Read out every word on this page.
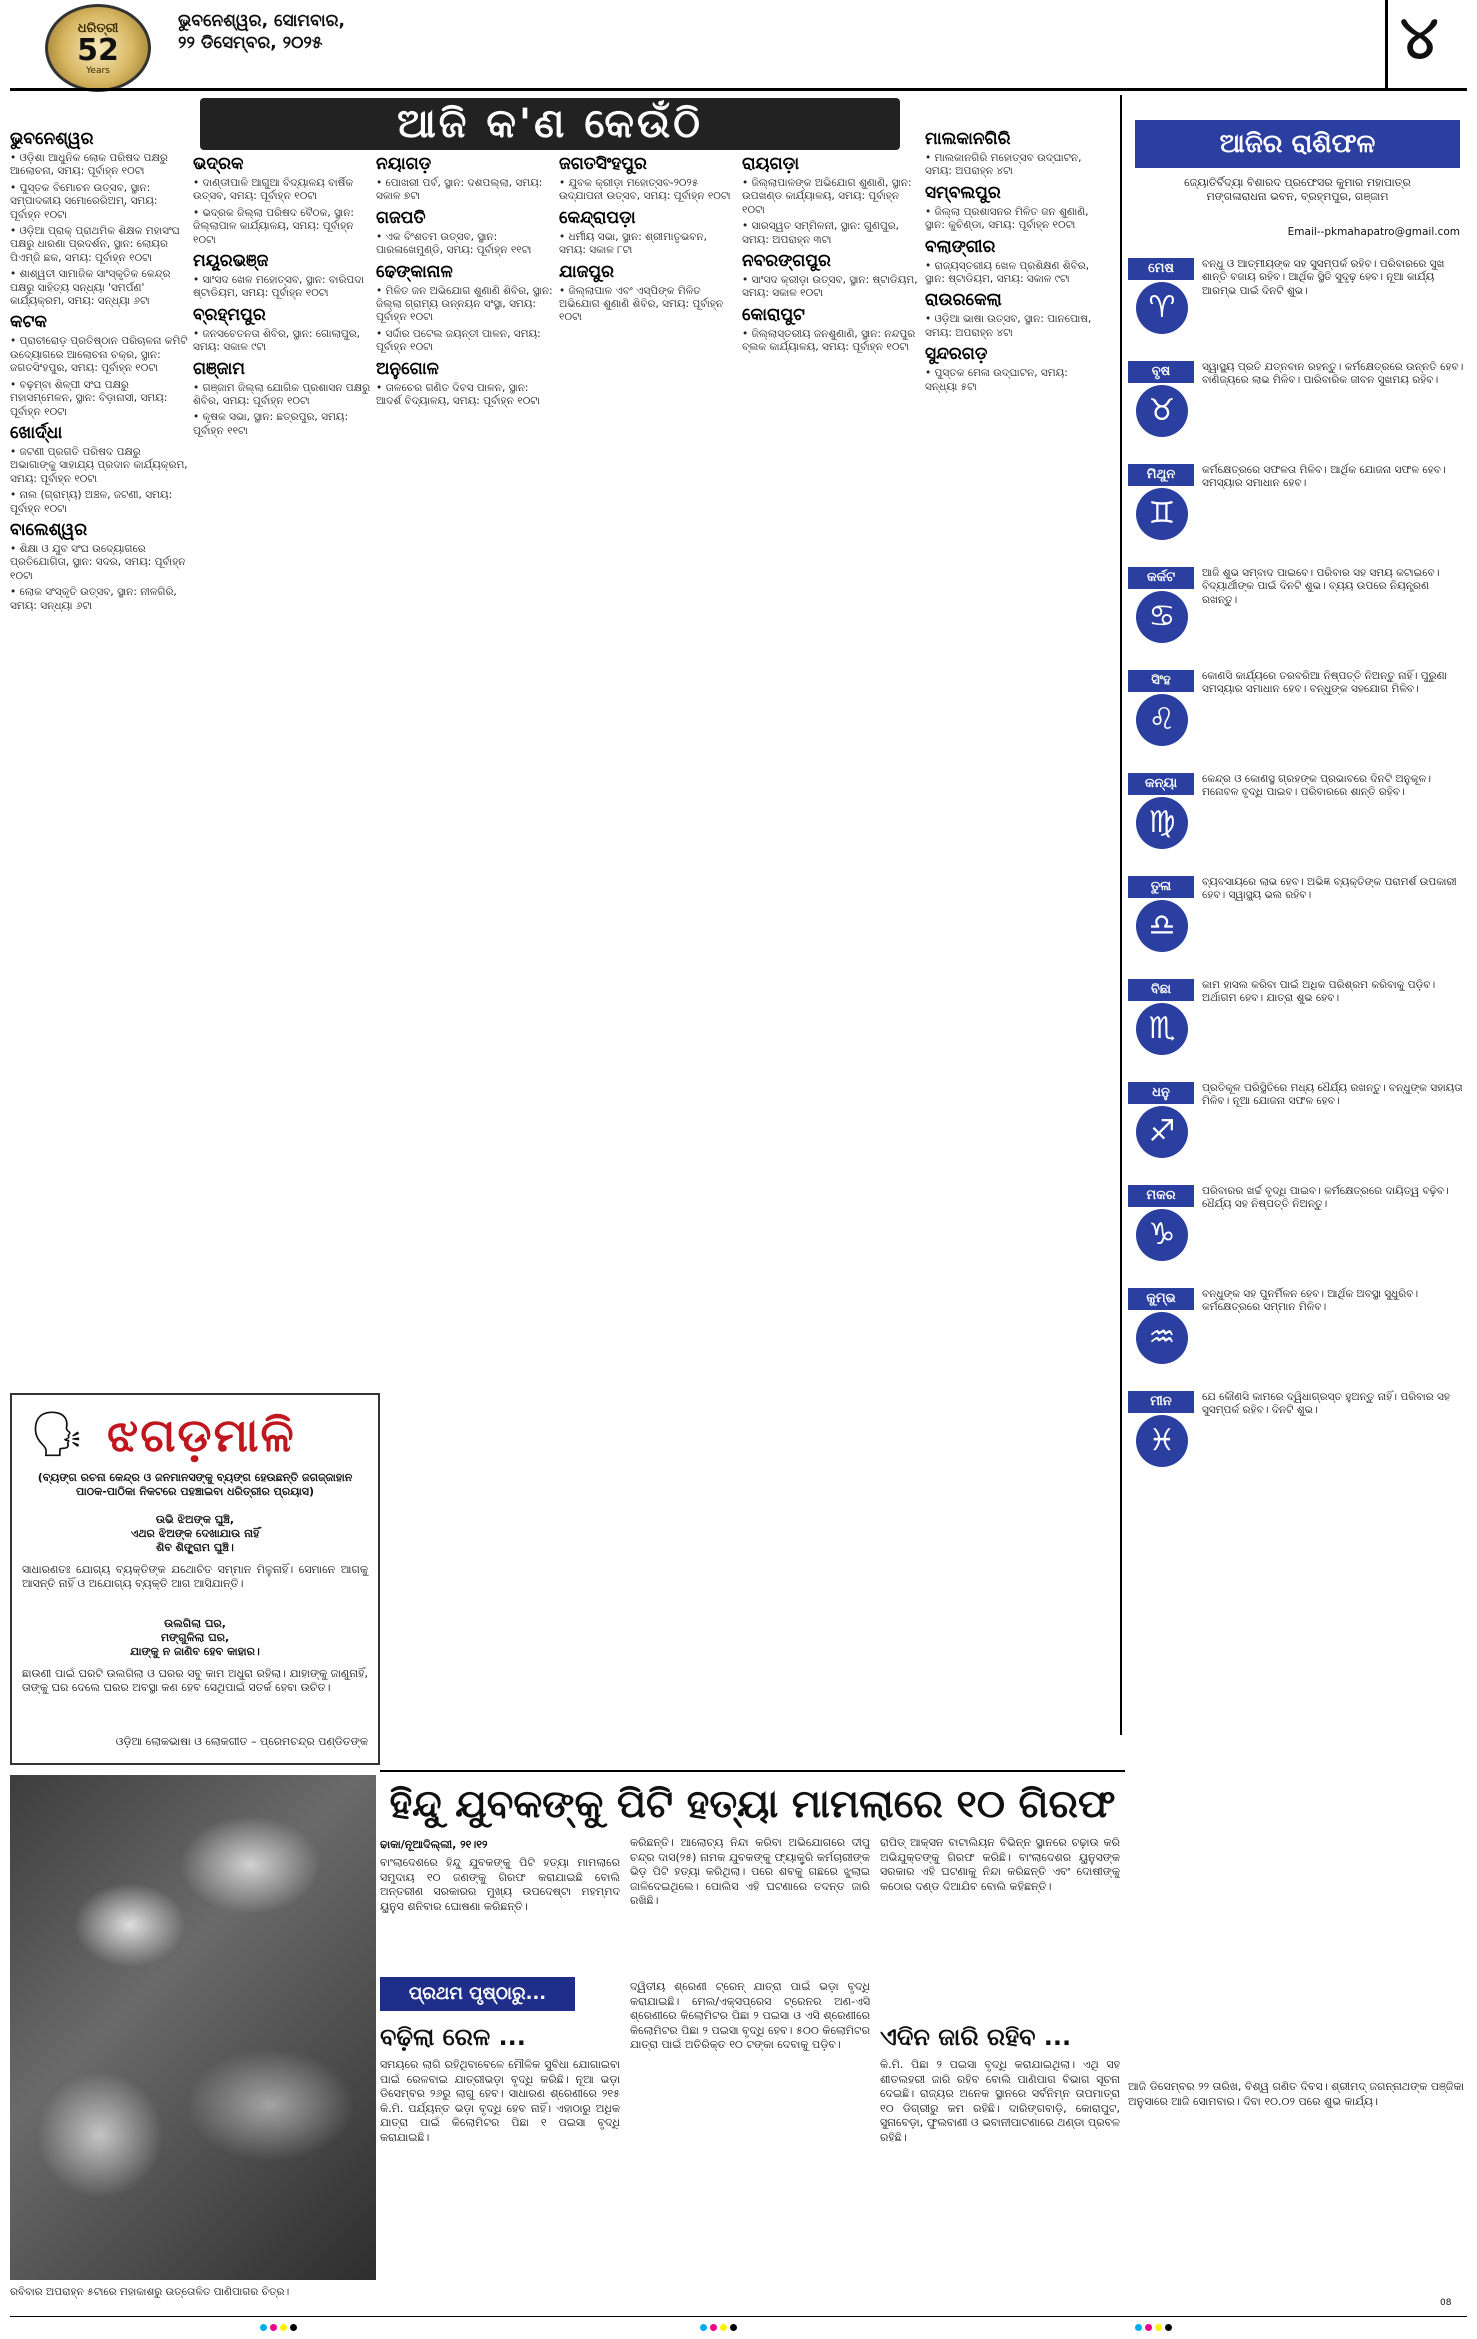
ଧରିତ୍ରୀ
52
Years
ଭୁବନେଶ୍ୱର, ସୋମବାର,
୨୨ ଡିସେମ୍ବର, ୨୦୨୫	୪
ଆଜି କ'ଣ କେଉଁଠି
ଭୁବନେଶ୍ୱର

• ଓଡ଼ିଶା ଆଧୁନିକ ଲୋକ ପରିଷଦ ପକ୍ଷରୁ ଆଲୋଚନା, ସମୟ: ପୂର୍ବାହ୍ନ ୧୦ଟା

• ପୁସ୍ତକ ବିମୋଚନ ଉତ୍ସବ, ସ୍ଥାନ: ସମ୍ପାଦକୀୟ ସମୋରେରିଅମ୍, ସମୟ: ପୂର୍ବାହ୍ନ ୧୦ଟା

• ଓଡ଼ିଆ ପ୍ରାକ୍ ପ୍ରାଥମିକ ଶିକ୍ଷକ ମହାସଂଘ ପକ୍ଷରୁ ଧାରଣା ପ୍ରଦର୍ଶନ, ସ୍ଥାନ: ଲୋୟର ପିଏମ୍‌ଜି ଛକ, ସମୟ: ପୂର୍ବାହ୍ନ ୧୦ଟା

• ଶାଶ୍ୱତୀ ସାମାଜିକ ସାଂସ୍କୃତିକ କେନ୍ଦ୍ର ପକ୍ଷରୁ ସାହିତ୍ୟ ସନ୍ଧ୍ୟା 'ସମର୍ପଣ' କାର୍ଯ୍ୟକ୍ରମ, ସମୟ: ସନ୍ଧ୍ୟା ୬ଟା

କଟକ

• ପ୍ରାଚୀରୋଡ଼ ପ୍ରତିଷ୍ଠାନ ପରିଚାଳନା କମିଟି ଉଦ୍ୟୋଗରେ ଆଲୋଚନା ଚକ୍ର, ସ୍ଥାନ: ଜଗତସିଂହପୁର, ସମୟ: ପୂର୍ବାହ୍ନ ୧୦ଟା

• ବଢ଼ମ୍ବା ଶିଳ୍ପୀ ସଂଘ ପକ୍ଷରୁ ମହାସମ୍ମେଳନ, ସ୍ଥାନ: ବିଡ଼ାନାସୀ, ସମୟ: ପୂର୍ବାହ୍ନ ୧୦ଟା

ଖୋର୍ଦ୍ଧା

• ଜଟଣୀ ପ୍ରଗତି ପରିଷଦ ପକ୍ଷରୁ ଅଭାଗାଙ୍କୁ ସାହାଯ୍ୟ ପ୍ରଦାନ କାର୍ଯ୍ୟକ୍ରମ, ସମୟ: ପୂର୍ବାହ୍ନ ୧୦ଟା

• ନାଲ (ଗ୍ରାମ୍ୟ) ଅଞ୍ଚଳ, ଜଟଣୀ, ସମୟ: ପୂର୍ବାହ୍ନ ୧୦ଟା

ବାଲେଶ୍ୱର

• ଶିକ୍ଷା ଓ ଯୁବ ସଂଘ ଉଦ୍ୟୋଗରେ ପ୍ରତିଯୋଗିତା, ସ୍ଥାନ: ସଦର, ସମୟ: ପୂର୍ବାହ୍ନ ୧୦ଟା

• ଲୋକ ସଂସ୍କୃତି ଉତ୍ସବ, ସ୍ଥାନ: ନୀଳଗିରି, ସମୟ: ସନ୍ଧ୍ୟା ୬ଟା

ଭଦ୍ରକ

• ଦାଣ୍ଡୀପାଳି ଆଗୁଆ ବିଦ୍ୟାଳୟ ବାର୍ଷିକ ଉତ୍ସବ, ସମୟ: ପୂର୍ବାହ୍ନ ୧୦ଟା

• ଭଦ୍ରକ ଜିଲ୍ଲା ପରିଷଦ ବୈଠକ, ସ୍ଥାନ: ଜିଲ୍ଲାପାଳ କାର୍ଯ୍ୟାଳୟ, ସମୟ: ପୂର୍ବାହ୍ନ ୧୦ଟା

ମୟୂରଭଞ୍ଜ

• ସାଂସଦ ଖେଳ ମହୋତ୍ସବ, ସ୍ଥାନ: ବାରିପଦା ଷ୍ଟାଡିୟମ, ସମୟ: ପୂର୍ବାହ୍ନ ୧୦ଟା

ବ୍ରହ୍ମପୁର

• ଜନସଚେତନତା ଶିବିର, ସ୍ଥାନ: ଗୋଲାପୁର, ସମୟ: ସକାଳ ୯ଟା

ଗଞ୍ଜାମ

• ଗଞ୍ଜାମ ଜିଲ୍ଲା ଯୋଗିକ ପ୍ରଶାସନ ପକ୍ଷରୁ ଶିବିର, ସମୟ: ପୂର୍ବାହ୍ନ ୧୦ଟା

• କୃଷକ ସଭା, ସ୍ଥାନ: ଛତ୍ରପୁର, ସମୟ: ପୂର୍ବାହ୍ନ ୧୧ଟା

ନୟାଗଡ଼

• ପୋଖରୀ ପର୍ବ, ସ୍ଥାନ: ଦଶପଲ୍ଲା, ସମୟ: ସକାଳ ୭ଟା

ଗଜପତି

• ଏକ ବିଂଶତମ ଉତ୍ସବ, ସ୍ଥାନ: ପାରଳାଖେମୁଣ୍ଡି, ସମୟ: ପୂର୍ବାହ୍ନ ୧୧ଟା

ଢେଙ୍କାନାଳ

• ମିଳିତ ଜନ ଅଭିଯୋଗ ଶୁଣାଣି ଶିବିର, ସ୍ଥାନ: ଜିଲ୍ଲା ଗ୍ରାମ୍ୟ ଉନ୍ନୟନ ସଂସ୍ଥା, ସମୟ: ପୂର୍ବାହ୍ନ ୧୦ଟା

• ସର୍ଦ୍ଦାର ପଟେଲ ଜୟନ୍ତୀ ପାଳନ, ସମୟ: ପୂର୍ବାହ୍ନ ୧୦ଟା

ଅନୁଗୋଳ

• ତାଳଚେର ଗଣିତ ଦିବସ ପାଳନ, ସ୍ଥାନ: ଆଦର୍ଶ ବିଦ୍ୟାଳୟ, ସମୟ: ପୂର୍ବାହ୍ନ ୧୦ଟା

ଜଗତସିଂହପୁର

• ଯୁବକ କ୍ରୀଡ଼ା ମହୋତ୍ସବ-୨୦୨୫ ଉଦ୍‌ଯାପନୀ ଉତ୍ସବ, ସମୟ: ପୂର୍ବାହ୍ନ ୧୦ଟା

କେନ୍ଦ୍ରାପଡ଼ା

• ଧର୍ମୀୟ ସଭା, ସ୍ଥାନ: ଶ୍ରୀମାତୃଭବନ, ସମୟ: ସକାଳ ୮ଟା

ଯାଜପୁର

• ଜିଲ୍ଲାପାଳ ଏବଂ ଏସ୍‌ପିଙ୍କ ମିଳିତ ଅଭିଯୋଗ ଶୁଣାଣି ଶିବିର, ସମୟ: ପୂର୍ବାହ୍ନ ୧୦ଟା

ରାୟଗଡ଼ା

• ଜିଲ୍ଲାପାଳଙ୍କ ଅଭିଯୋଗ ଶୁଣାଣି, ସ୍ଥାନ: ଉପଖଣ୍ଡ କାର୍ଯ୍ୟାଳୟ, ସମୟ: ପୂର୍ବାହ୍ନ ୧୦ଟା

• ସାରସ୍ୱତ ସମ୍ମିଳନୀ, ସ୍ଥାନ: ଗୁଣପୁର, ସମୟ: ଅପରାହ୍ନ ୩ଟା

ନବରଙ୍ଗପୁର

• ସାଂସଦ କ୍ରୀଡ଼ା ଉତ୍ସବ, ସ୍ଥାନ: ଷ୍ଟାଡିୟମ, ସମୟ: ସକାଳ ୧୦ଟା

କୋରାପୁଟ

• ଜିଲ୍ଲାସ୍ତରୀୟ ଜନଶୁଣାଣି, ସ୍ଥାନ: ନନ୍ଦପୁର ବ୍ଲକ କାର୍ଯ୍ୟାଳୟ, ସମୟ: ପୂର୍ବାହ୍ନ ୧୦ଟା

ମାଲକାନଗିରି

• ମାଲକାନଗିରି ମହୋତ୍ସବ ଉଦ୍‌ଘାଟନ, ସମୟ: ଅପରାହ୍ନ ୪ଟା

ସମ୍ବଲପୁର

• ଜିଲ୍ଲା ପ୍ରଶାସନର ମିଳିତ ଜନ ଶୁଣାଣି, ସ୍ଥାନ: କୁଚିଣ୍ଡା, ସମୟ: ପୂର୍ବାହ୍ନ ୧୦ଟା

ବଲାଙ୍ଗୀର

• ରାଜ୍ୟସ୍ତରୀୟ ଖେଳ ପ୍ରଶିକ୍ଷଣ ଶିବିର, ସ୍ଥାନ: ଷ୍ଟାଡିୟମ, ସମୟ: ସକାଳ ୯ଟା

ରାଉରକେଲା

• ଓଡ଼ିଆ ଭାଷା ଉତ୍ସବ, ସ୍ଥାନ: ପାନପୋଷ, ସମୟ: ଅପରାହ୍ନ ୪ଟା

ସୁନ୍ଦରଗଡ଼

• ପୁସ୍ତକ ମେଳା ଉଦ୍‌ଘାଟନ, ସମୟ: ସନ୍ଧ୍ୟା ୫ଟା

ଆଜିର ରାଶିଫଳ
ଜ୍ୟୋତିର୍ବିଦ୍ୟା ବିଶାରଦ ପ୍ରଫେସର କୁମାର ମହାପାତ୍ର
ମଙ୍ଗଳାରାଧନା ଭବନ, ବ୍ରହ୍ମପୁର, ଗଞ୍ଜାମ
Email--pkmahapatro@gmail.com
ମେଷ
♈
ବନ୍ଧୁ ଓ ଆତ୍ମୀୟଙ୍କ ସହ ସୁସମ୍ପର୍କ ରହିବ। ପରିବାରରେ ସୁଖ ଶାନ୍ତି ବଜାୟ ରହିବ। ଆର୍ଥିକ ସ୍ଥିତି ସୁଦୃଢ଼ ହେବ। ନୂଆ କାର୍ଯ୍ୟ ଆରମ୍ଭ ପାଇଁ ଦିନଟି ଶୁଭ।
ବୃଷ
♉
ସ୍ୱାସ୍ଥ୍ୟ ପ୍ରତି ଯତ୍ନବାନ ରହନ୍ତୁ। କର୍ମକ୍ଷେତ୍ରରେ ଉନ୍ନତି ହେବ। ବାଣିଜ୍ୟରେ ଲାଭ ମିଳିବ। ପାରିବାରିକ ଜୀବନ ସୁଖମୟ ରହିବ।
ମିଥୁନ
♊
କର୍ମକ୍ଷେତ୍ରରେ ସଫଳତା ମିଳିବ। ଆର୍ଥିକ ଯୋଜନା ସଫଳ ହେବ। ସମସ୍ୟାର ସମାଧାନ ହେବ।
କର୍କଟ
♋
ଆଜି ଶୁଭ ସମ୍ବାଦ ପାଇବେ। ପରିବାର ସହ ସମୟ କଟାଇବେ। ବିଦ୍ୟାର୍ଥୀଙ୍କ ପାଇଁ ଦିନଟି ଶୁଭ। ବ୍ୟୟ ଉପରେ ନିୟନ୍ତ୍ରଣ ରଖନ୍ତୁ।
ସିଂହ
♌
କୋଣସି କାର୍ଯ୍ୟରେ ତରବରିଆ ନିଷ୍ପତ୍ତି ନିଅନ୍ତୁ ନାହିଁ। ପୁରୁଣା ସମସ୍ୟାର ସମାଧାନ ହେବ। ବନ୍ଧୁଙ୍କ ସହଯୋଗ ମିଳିବ।
କନ୍ୟା
♍
କେନ୍ଦ୍ର ଓ କୋଣସ୍ଥ ଗ୍ରହଙ୍କ ପ୍ରଭାବରେ ଦିନଟି ଅନୁକୂଳ। ମନୋବଳ ବୃଦ୍ଧି ପାଇବ। ପରିବାରରେ ଶାନ୍ତି ରହିବ।
ତୁଳା
♎
ବ୍ୟବସାୟରେ ଲାଭ ହେବ। ଅଭିଜ୍ଞ ବ୍ୟକ୍ତିଙ୍କ ପରାମର୍ଶ ଉପକାରୀ ହେବ। ସ୍ୱାସ୍ଥ୍ୟ ଭଲ ରହିବ।
ବିଛା
♏
କାମ ହାସଲ କରିବା ପାଇଁ ଅଧିକ ପରିଶ୍ରମ କରିବାକୁ ପଡ଼ିବ। ଅର୍ଥାଗମ ହେବ। ଯାତ୍ରା ଶୁଭ ହେବ।
ଧନୁ
♐
ପ୍ରତିକୂଳ ପରିସ୍ଥିତିରେ ମଧ୍ୟ ଧୈର୍ଯ୍ୟ ରଖନ୍ତୁ। ବନ୍ଧୁଙ୍କ ସହାୟତା ମିଳିବ। ନୂଆ ଯୋଜନା ସଫଳ ହେବ।
ମକର
♑
ପରିବାରର ଖର୍ଚ୍ଚ ବୃଦ୍ଧି ପାଇବ। କର୍ମକ୍ଷେତ୍ରରେ ଦାୟିତ୍ୱ ବଢ଼ିବ। ଧୈର୍ଯ୍ୟ ସହ ନିଷ୍ପତ୍ତି ନିଅନ୍ତୁ।
କୁମ୍ଭ
♒
ବନ୍ଧୁଙ୍କ ସହ ପୁନର୍ମିଳନ ହେବ। ଆର୍ଥିକ ଅବସ୍ଥା ସୁଧୁରିବ। କର୍ମକ୍ଷେତ୍ରରେ ସମ୍ମାନ ମିଳିବ।
ମୀନ
♓
ଯେ କୌଣସି କାମରେ ଦ୍ୱିଧାଗ୍ରସ୍ତ ହୁଅନ୍ତୁ ନାହିଁ। ପରିବାର ସହ ସୁସମ୍ପର୍କ ରହିବ। ଦିନଟି ଶୁଭ।
ଆଜି ଡିସେମ୍ବର ୨୨ ତାରିଖ, ବିଶ୍ୱ ଗଣିତ ଦିବସ। ଶ୍ରୀମଦ୍ ଜଗନ୍ନାଥଙ୍କ ପଞ୍ଜିକା ଅନୁସାରେ ଆଜି ସୋମବାର। ଦିବା ୧୦.୦୨ ପରେ ଶୁଭ କାର୍ଯ୍ୟ।
🗣 ଝଗଡ଼ମାଳି
(ବ୍ୟଙ୍ଗ ରଚନା କେନ୍ଦ୍ର ଓ ଜନମାନସଙ୍କୁ ବ୍ୟଙ୍ଗ ହେଉଛନ୍ତି ଜଗଜ୍ଜାହାନ ପାଠକ-ପାଠିକା ନିକଟରେ ପହଞ୍ଚାଇବା ଧରିତ୍ରୀର ପ୍ରୟାସ)
ଉଭି ଝିଅଙ୍କ ଘୁଞ୍ଚି,
ଏଥର ଝିଅଙ୍କ ଦେଖାଯାଉ ନାହିଁ
ଶିବ ଶିଙ୍ଗ୍ରାମ ଘୁଞ୍ଚି।
ସାଧାରଣତଃ ଯୋଗ୍ୟ ବ୍ୟକ୍ତିଙ୍କ ଯଥୋଚିତ ସମ୍ମାନ ମିଳୁନାହିଁ। ସେମାନେ ଆଗକୁ ଆସନ୍ତି ନାହିଁ ଓ ଅଯୋଗ୍ୟ ବ୍ୟକ୍ତି ଆଗ ଆସିଯାନ୍ତି।
ଉଲଗିଲା ଘର,
ମଙ୍ଗୁଳିଲା ଘର,
ଯାଙ୍କୁ ନ ଜାଣିବ ହେବ କାହାର।
ଛାଉଣୀ ପାଇଁ ଘରଟି ଉଲଗିଲା ଓ ଘରର ସବୁ କାମ ଅଧୁରା ରହିଲା। ଯାହାଙ୍କୁ ଜାଣୁନାହିଁ, ତାଙ୍କୁ ଘର ଦେଲେ ଘରର ଅବସ୍ଥା କଣ ହେବ ସେଥିପାଇଁ ସତର୍କ ହେବା ଉଚିତ।
ଓଡ଼ିଆ ଲୋକଭାଷା ଓ ଲୋକଗୀତ – ପ୍ରେମଚନ୍ଦ୍ର ପଣ୍ଡିତଙ୍କ
ରବିବାର ଅପରାହ୍ନ ୫ଟାରେ ମହାକାଶରୁ ଉତ୍ତୋଳିତ ପାଣିପାଗର ଚିତ୍ର।
ହିନ୍ଦୁ ଯୁବକଙ୍କୁ ପିଟି ହତ୍ୟା ମାମଲାରେ ୧୦ ଗିରଫ
ଢାକା/ନୂଆଦିଲ୍ଲୀ, ୨୧।୧୨
ବାଂଲାଦେଶରେ ହିନ୍ଦୁ ଯୁବକଙ୍କୁ ପିଟି ହତ୍ୟା ମାମଲାରେ ସମୁଦାୟ ୧୦ ଜଣଙ୍କୁ ଗିରଫ କରାଯାଇଛି ବୋଲି ଅନ୍ତରୀଣ ସରକାରର ମୁଖ୍ୟ ଉପଦେଷ୍ଟା ମହମ୍ମଦ ୟୁନୁସ ଶନିବାର ଘୋଷଣା କରିଛନ୍ତି।
କରିଛନ୍ତି। ଆଲୋଚ୍ୟ ନିନ୍ଦା କରିବା ଅଭିଯୋଗରେ ଦୀପୁ ଚନ୍ଦ୍ର ଦାସ(୨୫) ନାମକ ଯୁବକଙ୍କୁ ଫ୍ୟାକ୍ଟ୍ରି କର୍ମଚାରୀଙ୍କ ଭିଡ଼ ପିଟି ହତ୍ୟା କରିଥିଲା। ପରେ ଶବକୁ ଗଛରେ ଝୁଲାଇ ଜାଳିଦେଇଥିଲେ। ପୋଲିସ ଏହି ଘଟଣାରେ ତଦନ୍ତ ଜାରି ରଖିଛି।
ରାପିଡ୍ ଆକ୍ସନ ବାଟାଲିୟନ ବିଭିନ୍ନ ସ୍ଥାନରେ ଚଢ଼ାଉ କରି ଅଭିଯୁକ୍ତଙ୍କୁ ଗିରଫ କରିଛି। ବାଂଲାଦେଶର ୟୁନୁସଙ୍କ ସରକାର ଏହି ଘଟଣାକୁ ନିନ୍ଦା କରିଛନ୍ତି ଏବଂ ଦୋଷୀଙ୍କୁ କଠୋର ଦଣ୍ଡ ଦିଆଯିବ ବୋଲି କହିଛନ୍ତି।
ପ୍ରଥମ ପୃଷ୍ଠାରୁ...
ବଢ଼ିଲା ରେଳ ...
ସମୟରେ ଲାଗି ରହିଥିବାବେଳେ ମୌଳିକ ସୁବିଧା ଯୋଗାଇବା ପାଇଁ ରେଳବାଇ ଯାତ୍ରୀଭଡ଼ା ବୃଦ୍ଧି କରିଛି। ନୂଆ ଭଡ଼ା ଡିସେମ୍ବର ୨୬ରୁ ଲାଗୁ ହେବ। ସାଧାରଣ ଶ୍ରେଣୀରେ ୨୧୫ କି.ମି. ପର୍ଯ୍ୟନ୍ତ ଭଡ଼ା ବୃଦ୍ଧି ହେବ ନାହିଁ। ଏହାଠାରୁ ଅଧିକ ଯାତ୍ରା ପାଇଁ କିଲୋମିଟର ପିଛା ୧ ପଇସା ବୃଦ୍ଧି କରାଯାଇଛି।
ଦ୍ୱିତୀୟ ଶ୍ରେଣୀ ଟ୍ରେନ୍ ଯାତ୍ରା ପାଇଁ ଭଡ଼ା ବୃଦ୍ଧି କରାଯାଇଛି। ମେଲ/ଏକ୍ସପ୍ରେସ ଟ୍ରେନର ଅଣ-ଏସି ଶ୍ରେଣୀରେ କିଲୋମିଟର ପିଛା ୨ ପଇସା ଓ ଏସି ଶ୍ରେଣୀରେ କିଲୋମିଟର ପିଛା ୨ ପଇସା ବୃଦ୍ଧି ହେବ। ୫୦୦ କିଲୋମିଟର ଯାତ୍ରା ପାଇଁ ଅତିରିକ୍ତ ୧୦ ଟଙ୍କା ଦେବାକୁ ପଡ଼ିବ।	ଏଦିନ ଜାରି ରହିବ ...
କି.ମି. ପିଛା ୨ ପଇସା ବୃଦ୍ଧି କରାଯାଇଥିଲା। ଏଥି ସହ ଶୀତଲହରୀ ଜାରି ରହିବ ବୋଲି ପାଣିପାଗ ବିଭାଗ ସୂଚନା ଦେଇଛି। ରାଜ୍ୟର ଅନେକ ସ୍ଥାନରେ ସର୍ବନିମ୍ନ ତାପମାତ୍ରା ୧୦ ଡିଗ୍ରୀରୁ କମ ରହିଛି। ଦାରିଙ୍ଗବାଡ଼ି, କୋରାପୁଟ, ସୁନାବେଡ଼ା, ଫୁଲବାଣୀ ଓ ଭବାନୀପାଟଣାରେ ଥଣ୍ଡା ପ୍ରବଳ ରହିଛି।
08
